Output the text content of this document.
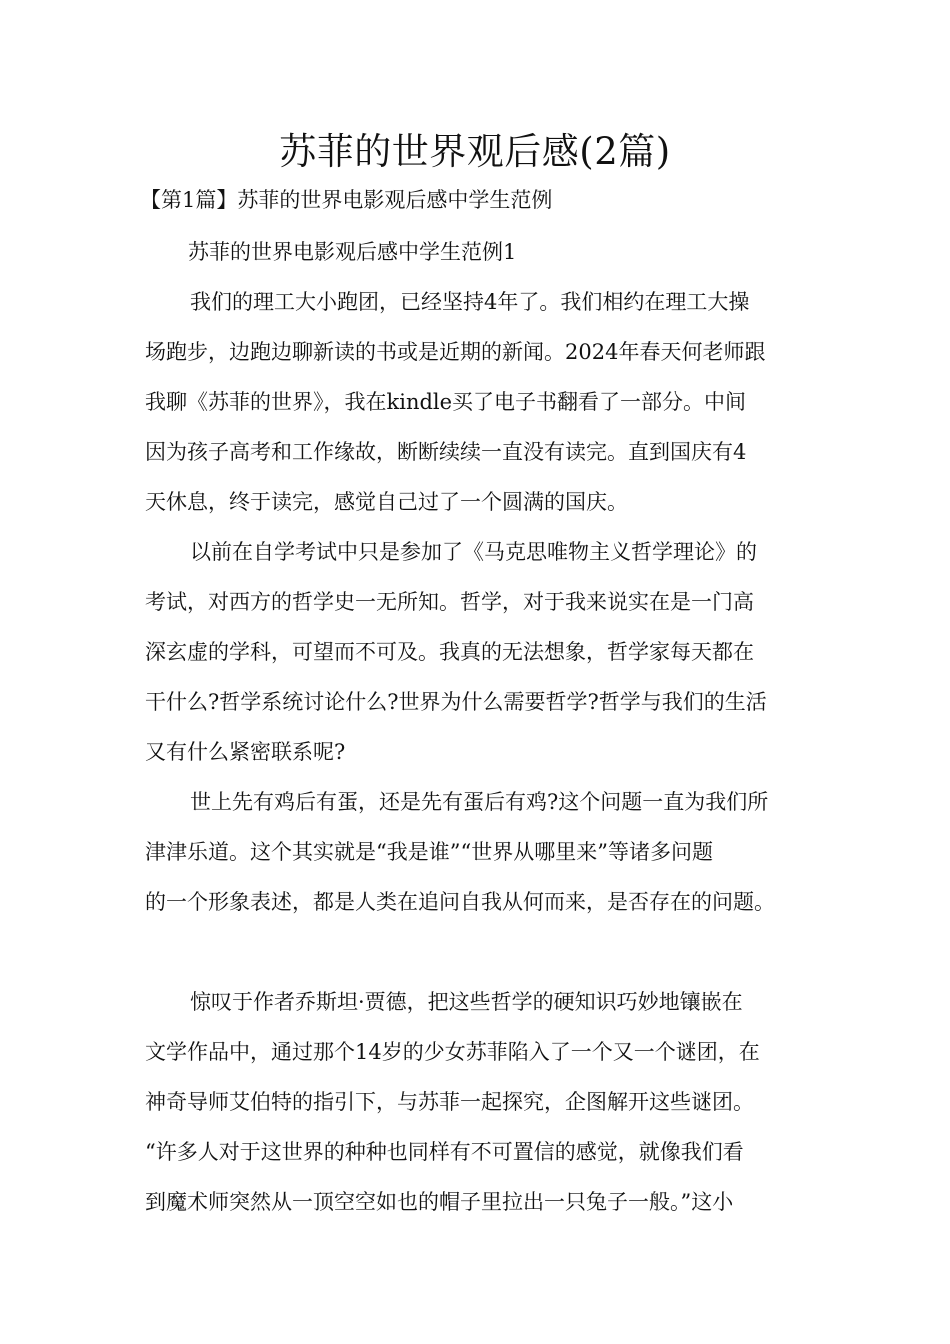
苏菲的世界观后感(2篇)

【第1篇】苏菲的世界电影观后感中学生范例

苏菲的世界电影观后感中学生范例1

我们的理工大小跑团，已经坚持4年了。我们相约在理工大操

场跑步，边跑边聊新读的书或是近期的新闻。2024年春天何老师跟

我聊《苏菲的世界》，我在kindle买了电子书翻看了一部分。中间

因为孩子高考和工作缘故，断断续续一直没有读完。直到国庆有4

天休息，终于读完，感觉自己过了一个圆满的国庆。

以前在自学考试中只是参加了《马克思唯物主义哲学理论》的

考试，对西方的哲学史一无所知。哲学，对于我来说实在是一门高

深玄虚的学科，可望而不可及。我真的无法想象，哲学家每天都在

干什么?哲学系统讨论什么?世界为什么需要哲学?哲学与我们的生活

又有什么紧密联系呢?

世上先有鸡后有蛋，还是先有蛋后有鸡?这个问题一直为我们所

津津乐道。这个其实就是“我是谁”“世界从哪里来”等诸多问题

的一个形象表述，都是人类在追问自我从何而来，是否存在的问题。

惊叹于作者乔斯坦·贾德，把这些哲学的硬知识巧妙地镶嵌在

文学作品中，通过那个14岁的少女苏菲陷入了一个又一个谜团，在

神奇导师艾伯特的指引下，与苏菲一起探究，企图解开这些谜团。

“许多人对于这世界的种种也同样有不可置信的感觉，就像我们看

到魔术师突然从一顶空空如也的帽子里拉出一只兔子一般。”这小
